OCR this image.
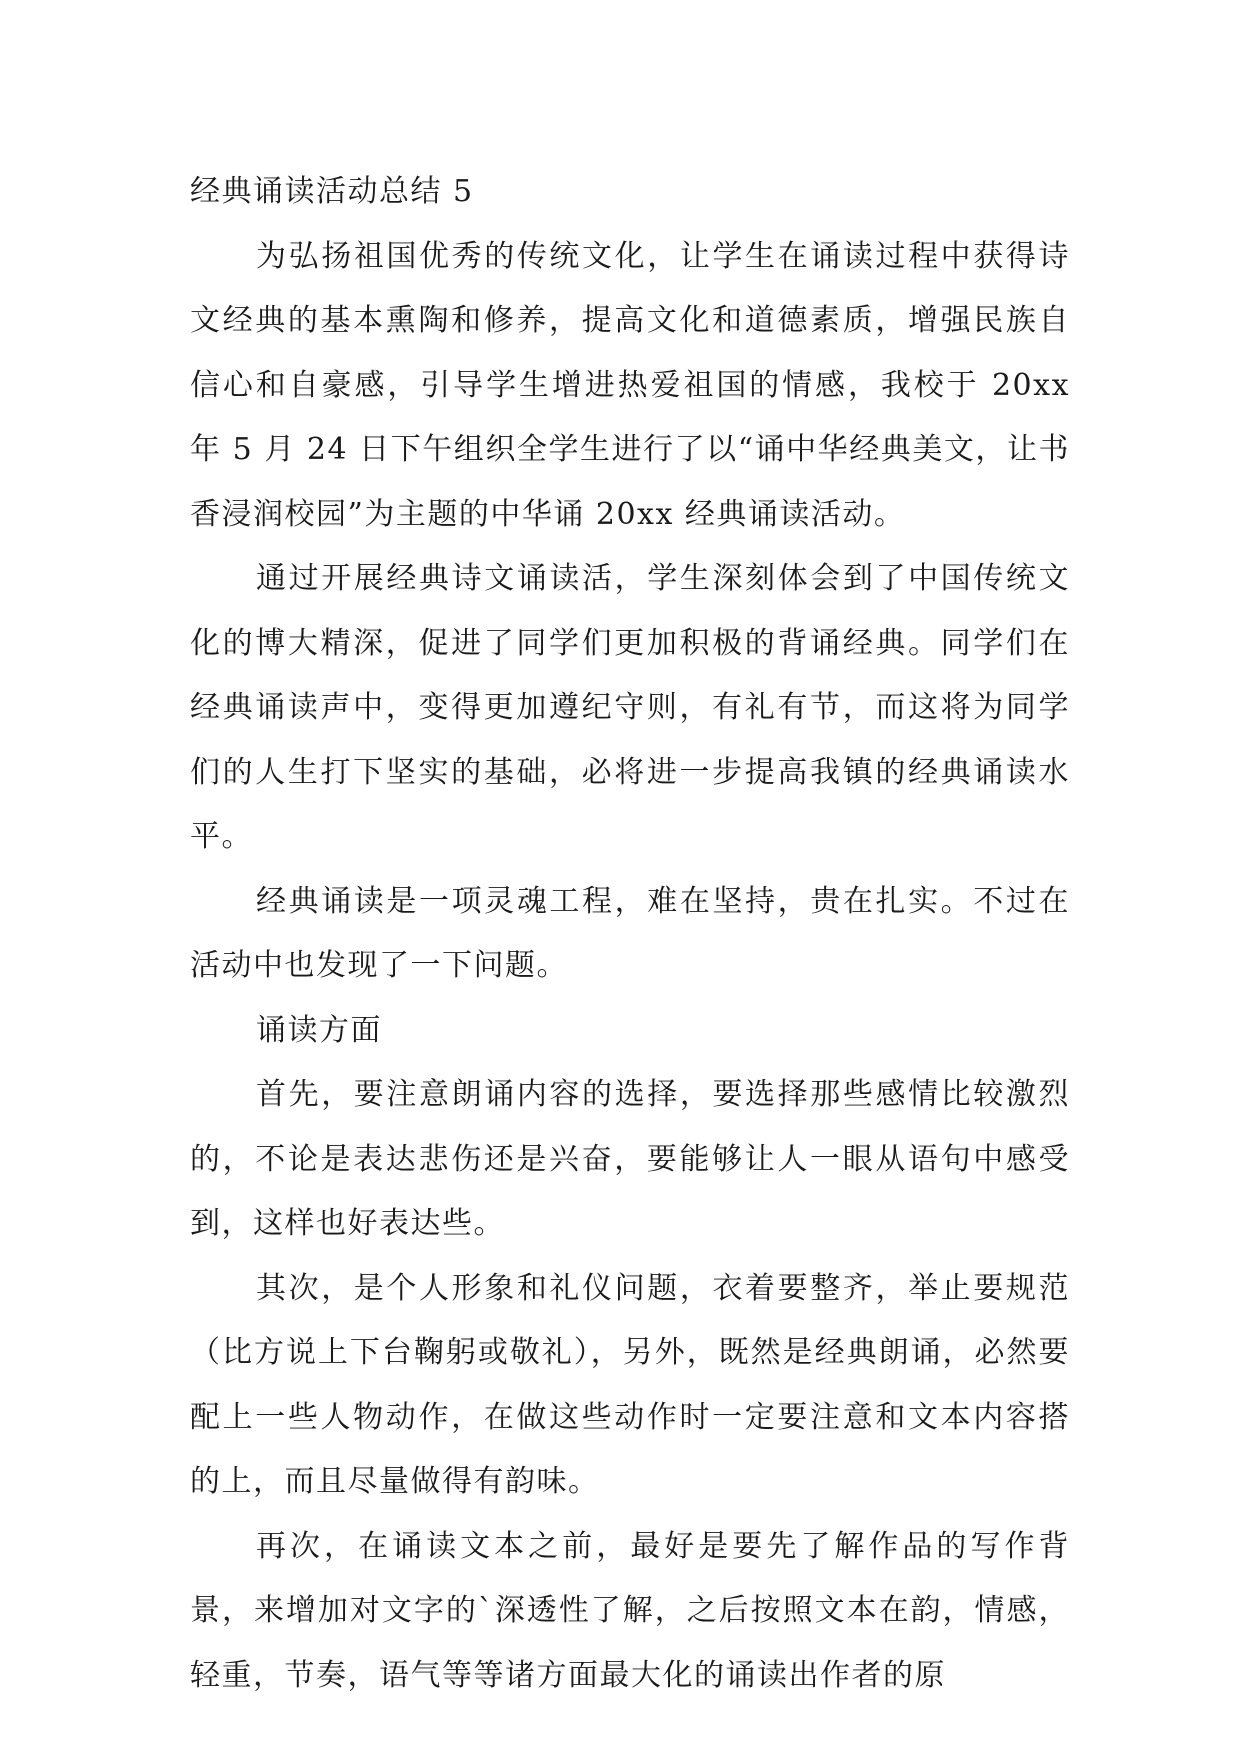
经典诵读活动总结 5

为弘扬祖国优秀的传统文化，让学生在诵读过程中获得诗文经典的基本熏陶和修养，提高文化和道德素质，增强民族自信心和自豪感，引导学生增进热爱祖国的情感，我校于 20xx 年 5 月 24 日下午组织全学生进行了以“诵中华经典美文，让书香浸润校园”为主题的中华诵 20xx 经典诵读活动。

通过开展经典诗文诵读活，学生深刻体会到了中国传统文化的博大精深，促进了同学们更加积极的背诵经典。同学们在经典诵读声中，变得更加遵纪守则，有礼有节，而这将为同学们的人生打下坚实的基础，必将进一步提高我镇的经典诵读水平。

经典诵读是一项灵魂工程，难在坚持，贵在扎实。不过在活动中也发现了一下问题。

诵读方面

首先，要注意朗诵内容的选择，要选择那些感情比较激烈的，不论是表达悲伤还是兴奋，要能够让人一眼从语句中感受到，这样也好表达些。

其次，是个人形象和礼仪问题，衣着要整齐，举止要规范（比方说上下台鞠躬或敬礼），另外，既然是经典朗诵，必然要配上一些人物动作，在做这些动作时一定要注意和文本内容搭的上，而且尽量做得有韵味。

再次，在诵读文本之前，最好是要先了解作品的写作背景，来增加对文字的`深透性了解，之后按照文本在韵，情感，轻重，节奏，语气等等诸方面最大化的诵读出作者的原
